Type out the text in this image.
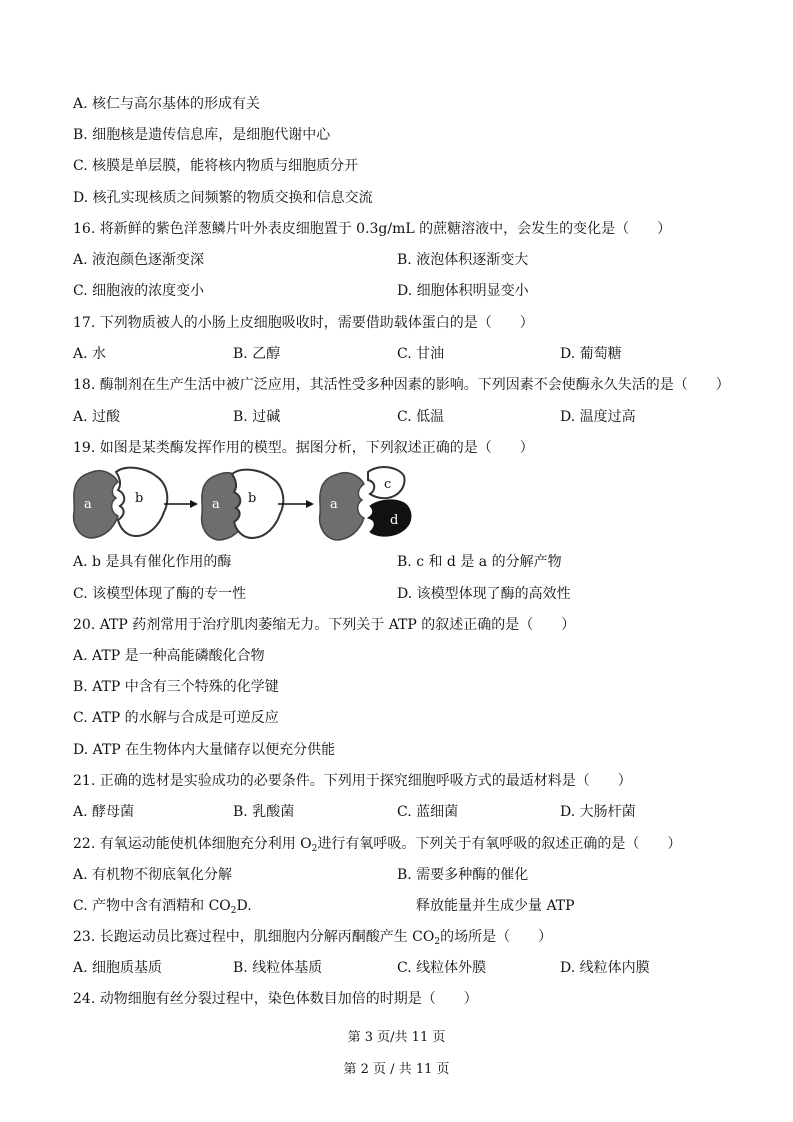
A. 核仁与高尔基体的形成有关
B. 细胞核是遗传信息库，是细胞代谢中心
C. 核膜是单层膜，能将核内物质与细胞质分开
D. 核孔实现核质之间频繁的物质交换和信息交流
16. 将新鲜的紫色洋葱鳞片叶外表皮细胞置于 0.3g/mL 的蔗糖溶液中，会发生的变化是（　　）
A. 液泡颜色逐渐变深	B. 液泡体积逐渐变大
C. 细胞液的浓度变小	D. 细胞体积明显变小
17. 下列物质被人的小肠上皮细胞吸收时，需要借助载体蛋白的是（　　）
A. 水	B. 乙醇	C. 甘油	D. 葡萄糖
18. 酶制剂在生产生活中被广泛应用，其活性受多种因素的影响。下列因素不会使酶永久失活的是（　　）
A. 过酸	B. 过碱	C. 低温	D. 温度过高
19. 如图是某类酶发挥作用的模型。据图分析，下列叙述正确的是（　　）
a	b	a b	a
c
d
A. b 是具有催化作用的酶	B. c 和 d 是 a 的分解产物
C. 该模型体现了酶的专一性	D. 该模型体现了酶的高效性
20. ATP 药剂常用于治疗肌肉萎缩无力。下列关于 ATP 的叙述正确的是（　　）
A. ATP 是一种高能磷酸化合物
B. ATP 中含有三个特殊的化学键
C. ATP 的水解与合成是可逆反应
D. ATP 在生物体内大量储存以便充分供能
21. 正确的选材是实验成功的必要条件。下列用于探究细胞呼吸方式的最适材料是（　　）
A. 酵母菌	B. 乳酸菌	C. 蓝细菌	D. 大肠杆菌
22. 有氧运动能使机体细胞充分利用 $O_2$进行有氧呼吸。下列关于有氧呼吸的叙述正确的是（　　）
A. 有机物不彻底氧化分解	B. 需要多种酶的催化
C. 产物中含有酒精和 $CO_2D$.	释放能量并生成少量 ATP
23. 长跑运动员比赛过程中，肌细胞内分解丙酮酸产生 $CO_2$的场所是（　　）
A. 细胞质基质	B. 线粒体基质	C. 线粒体外膜	D. 线粒体内膜
24. 动物细胞有丝分裂过程中，染色体数目加倍的时期是（　　）
第 3 页/共 11 页
第 2 页 / 共 11 页
